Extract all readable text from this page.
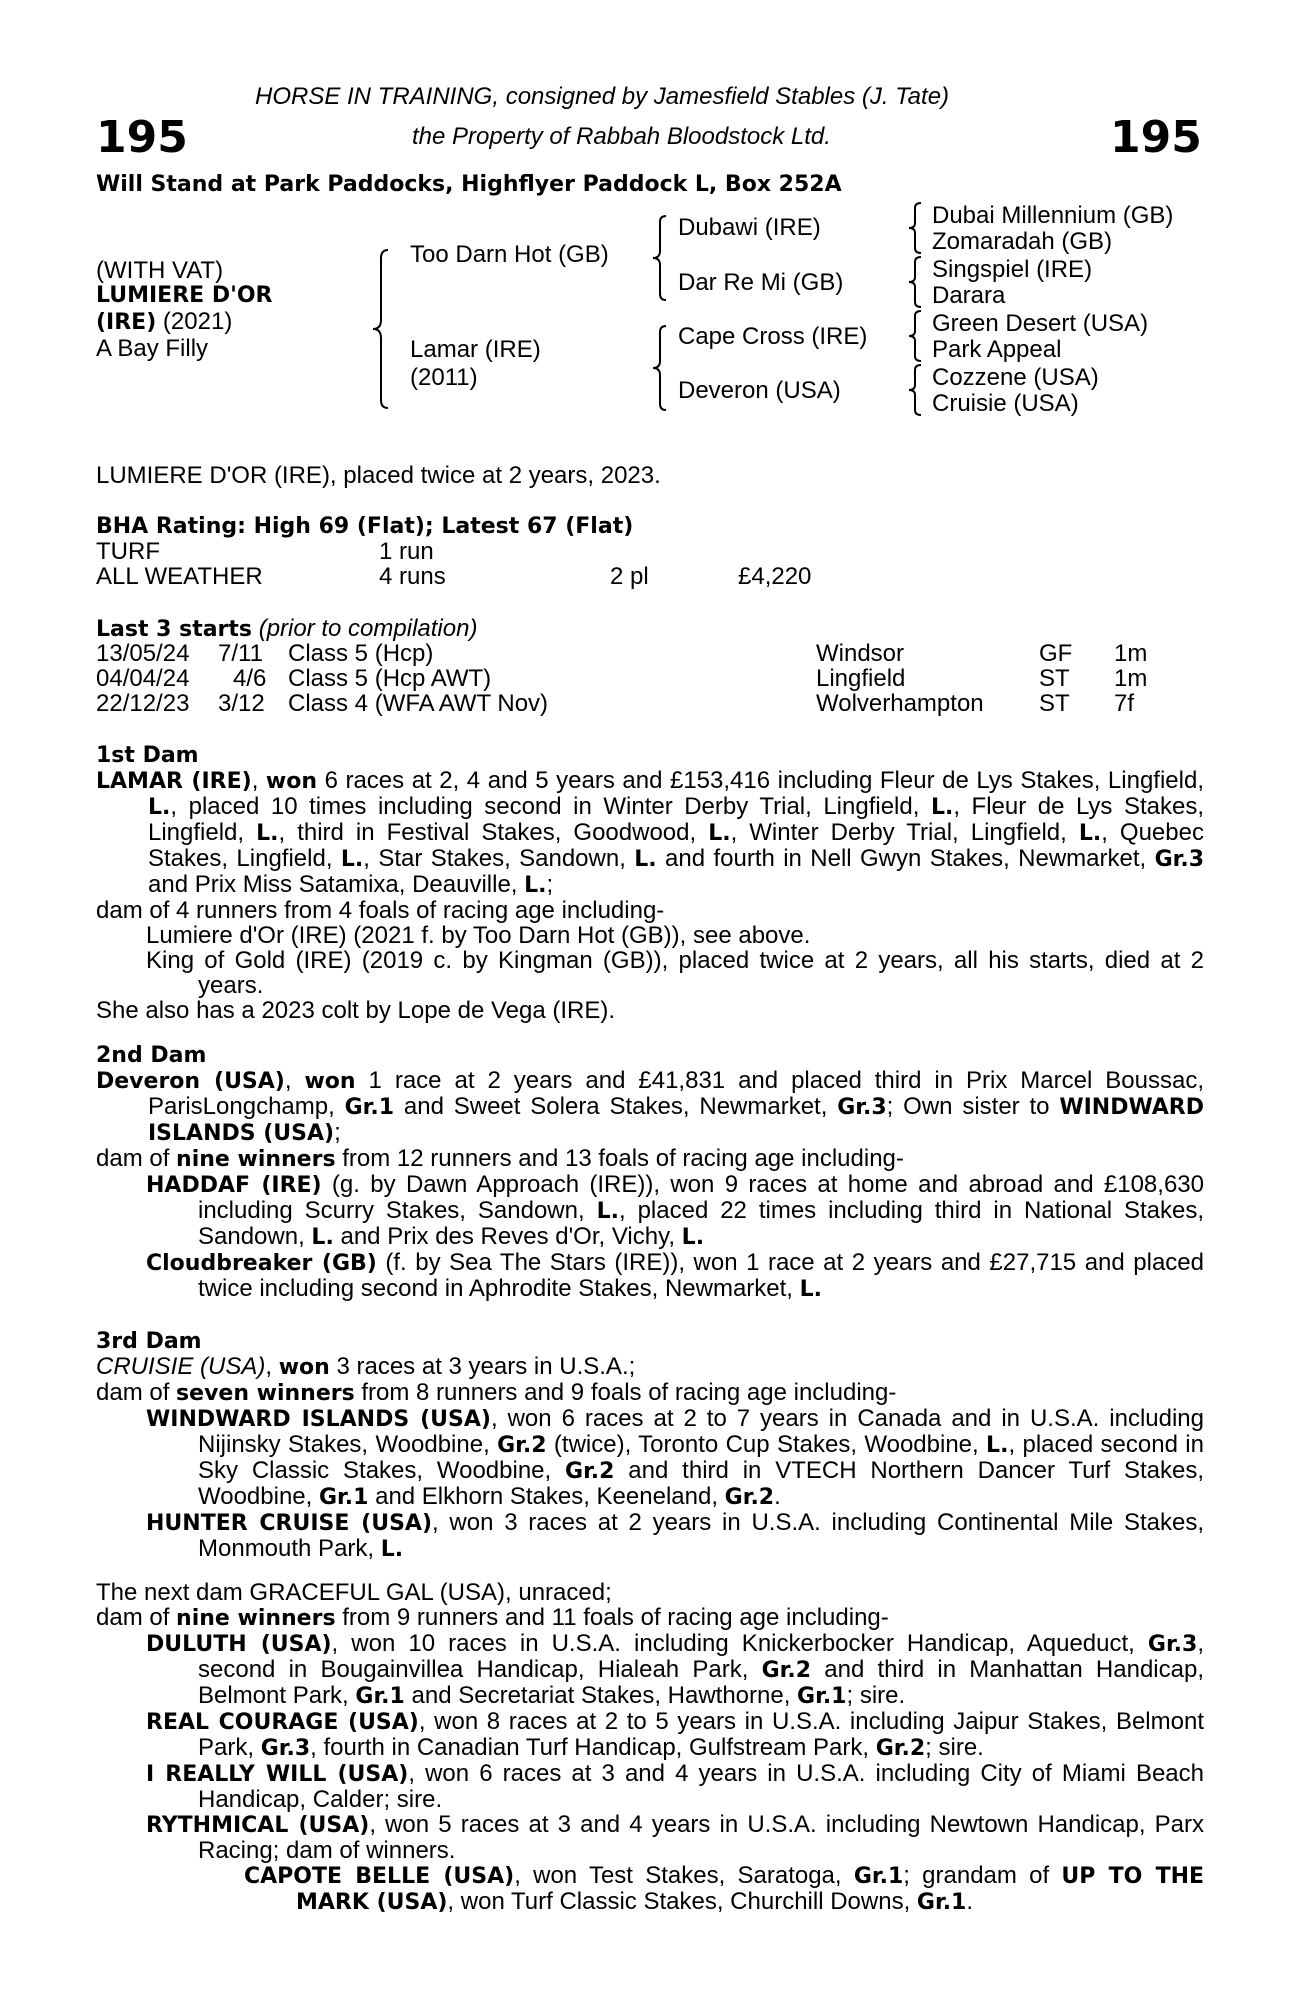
195	195
HORSE IN TRAINING, consigned by Jamesfield Stables (J. Tate)
the Property of Rabbah Bloodstock Ltd.
Will Stand at Park Paddocks, Highflyer Paddock L, Box 252A
(WITH VAT)
LUMIERE D'OR
(IRE) (2021)
A Bay Filly
Too Darn Hot (GB)
Lamar (IRE)
(2011)
Dubawi (IRE)
Dar Re Mi (GB)
Cape Cross (IRE)
Deveron (USA)
Dubai Millennium (GB)
Zomaradah (GB)
Singspiel (IRE)
Darara
Green Desert (USA)
Park Appeal
Cozzene (USA)
Cruisie (USA)
LUMIERE D'OR (IRE), placed twice at 2 years, 2023.
BHA Rating: High 69 (Flat); Latest 67 (Flat)
TURF	1 run
ALL WEATHER	4 runs	2 pl	£4,220
Last 3 starts (prior to compilation)
13/05/24 7/11 Class 5 (Hcp)	Windsor	GF 1m
04/04/24 4/6 Class 5 (Hcp AWT)	Lingfield	ST 1m
22/12/23 3/12 Class 4 (WFA AWT Nov)	Wolverhampton ST 7f

1st Dam

LAMAR (IRE), won 6 races at 2, 4 and 5 years and £153,416 including Fleur de Lys Stakes, Lingfield, L., placed 10 times including second in Winter Derby Trial, Lingfield, L., Fleur de Lys Stakes, Lingfield, L., third in Festival Stakes, Goodwood, L., Winter Derby Trial, Lingfield, L., Quebec Stakes, Lingfield, L., Star Stakes, Sandown, L. and fourth in Nell Gwyn Stakes, Newmarket, Gr.3 and Prix Miss Satamixa, Deauville, L.;

dam of 4 runners from 4 foals of racing age including-

Lumiere d'Or (IRE) (2021 f. by Too Darn Hot (GB)), see above.

King of Gold (IRE) (2019 c. by Kingman (GB)), placed twice at 2 years, all his starts, died at 2 years.

She also has a 2023 colt by Lope de Vega (IRE).

2nd Dam

Deveron (USA), won 1 race at 2 years and £41,831 and placed third in Prix Marcel Boussac, ParisLongchamp, Gr.1 and Sweet Solera Stakes, Newmarket, Gr.3; Own sister to WINDWARD ISLANDS (USA);

dam of nine winners from 12 runners and 13 foals of racing age including-

HADDAF (IRE) (g. by Dawn Approach (IRE)), won 9 races at home and abroad and £108,630 including Scurry Stakes, Sandown, L., placed 22 times including third in National Stakes, Sandown, L. and Prix des Reves d'Or, Vichy, L.

Cloudbreaker (GB) (f. by Sea The Stars (IRE)), won 1 race at 2 years and £27,715 and placed twice including second in Aphrodite Stakes, Newmarket, L.

3rd Dam

CRUISIE (USA), won 3 races at 3 years in U.S.A.;

dam of seven winners from 8 runners and 9 foals of racing age including-

WINDWARD ISLANDS (USA), won 6 races at 2 to 7 years in Canada and in U.S.A. including Nijinsky Stakes, Woodbine, Gr.2 (twice), Toronto Cup Stakes, Woodbine, L., placed second in Sky Classic Stakes, Woodbine, Gr.2 and third in VTECH Northern Dancer Turf Stakes, Woodbine, Gr.1 and Elkhorn Stakes, Keeneland, Gr.2.

HUNTER CRUISE (USA), won 3 races at 2 years in U.S.A. including Continental Mile Stakes, Monmouth Park, L.

The next dam GRACEFUL GAL (USA), unraced;

dam of nine winners from 9 runners and 11 foals of racing age including-

DULUTH (USA), won 10 races in U.S.A. including Knickerbocker Handicap, Aqueduct, Gr.3, second in Bougainvillea Handicap, Hialeah Park, Gr.2 and third in Manhattan Handicap, Belmont Park, Gr.1 and Secretariat Stakes, Hawthorne, Gr.1; sire.

REAL COURAGE (USA), won 8 races at 2 to 5 years in U.S.A. including Jaipur Stakes, Belmont Park, Gr.3, fourth in Canadian Turf Handicap, Gulfstream Park, Gr.2; sire.

I REALLY WILL (USA), won 6 races at 3 and 4 years in U.S.A. including City of Miami Beach Handicap, Calder; sire.

RYTHMICAL (USA), won 5 races at 3 and 4 years in U.S.A. including Newtown Handicap, Parx Racing; dam of winners.

CAPOTE BELLE (USA), won Test Stakes, Saratoga, Gr.1; grandam of UP TO THE MARK (USA), won Turf Classic Stakes, Churchill Downs, Gr.1.
